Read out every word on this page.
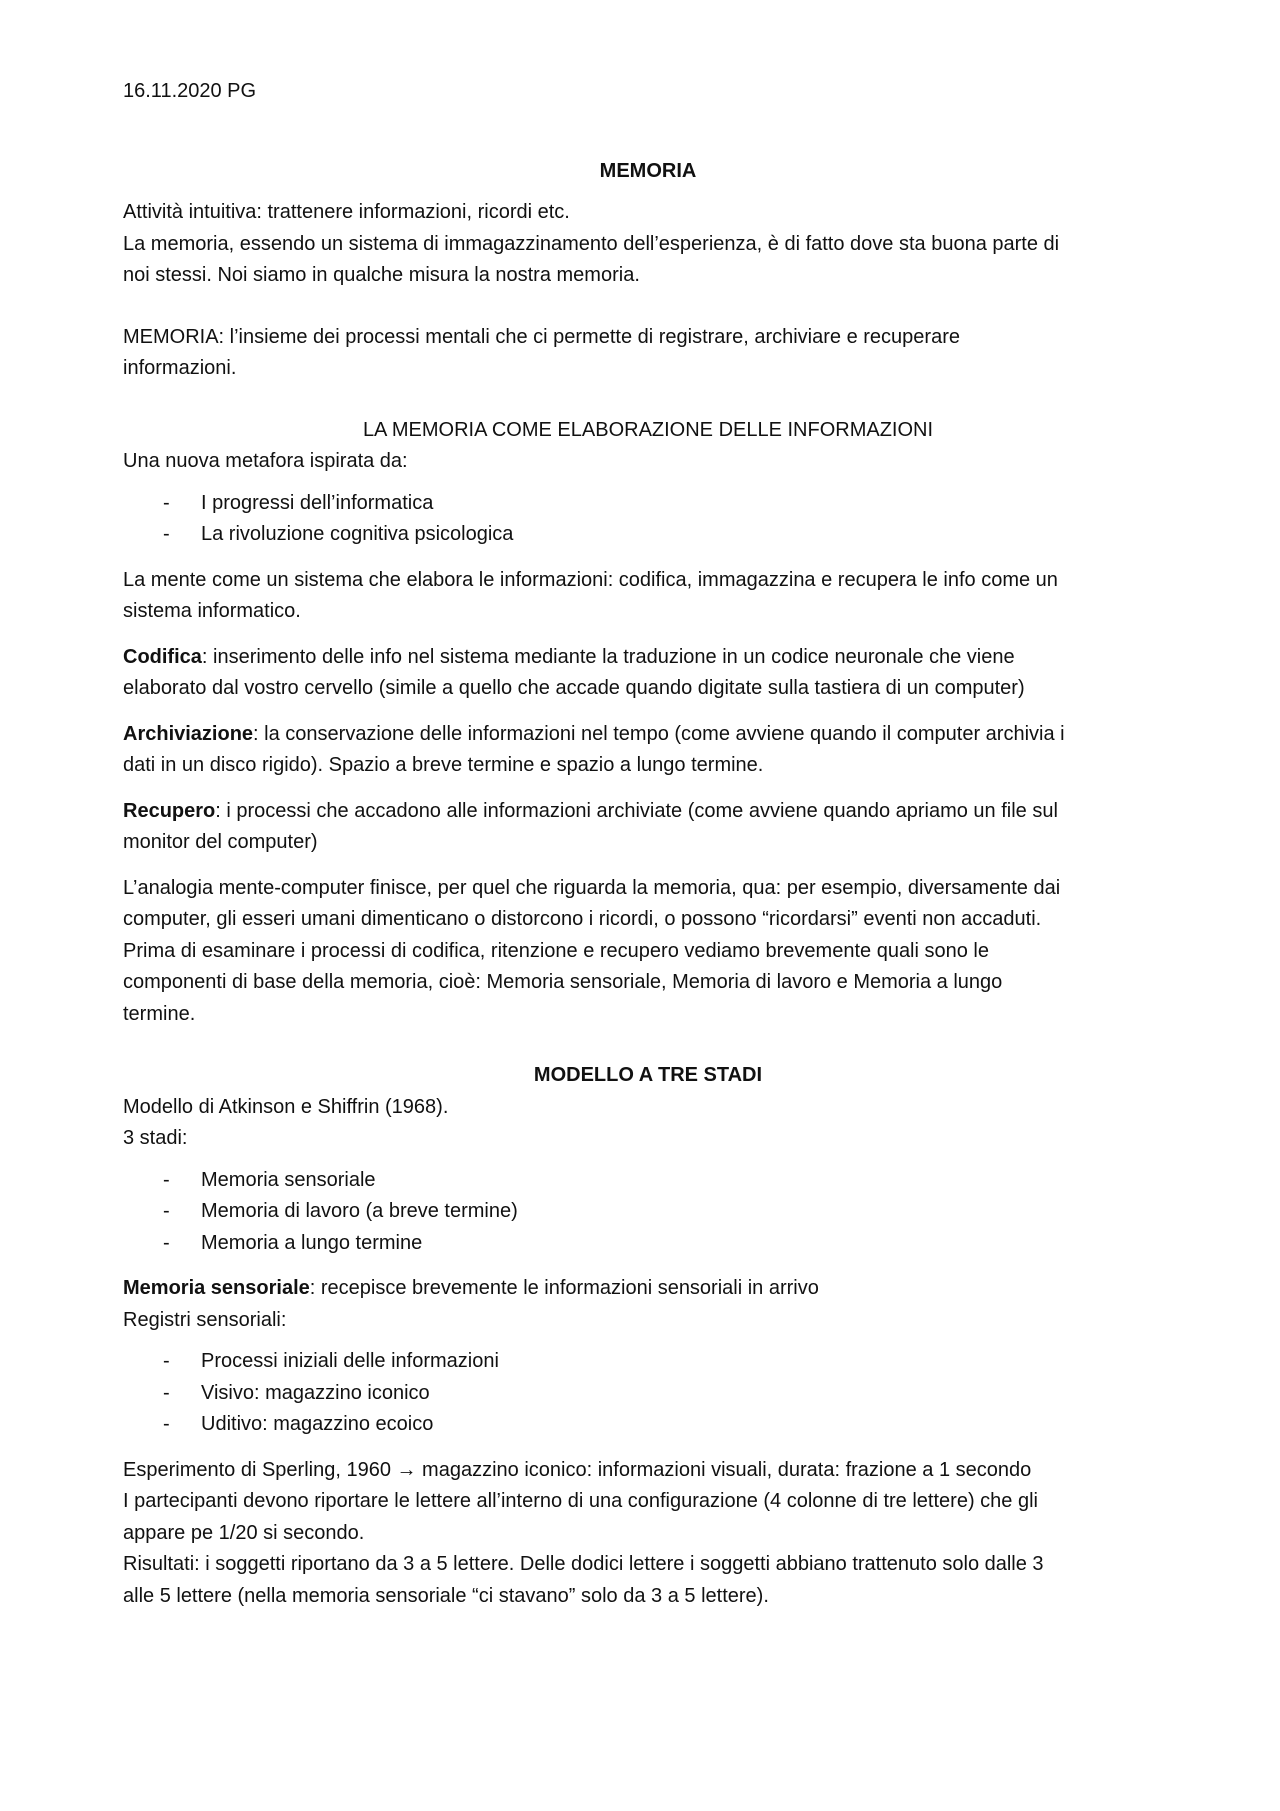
16.11.2020 PG
MEMORIA
Attività intuitiva: trattenere informazioni, ricordi etc.
La memoria, essendo un sistema di immagazzinamento dell’esperienza, è di fatto dove sta buona parte di
noi stessi. Noi siamo in qualche misura la nostra memoria.
MEMORIA: l’insieme dei processi mentali che ci permette di registrare, archiviare e recuperare
informazioni.
LA MEMORIA COME ELABORAZIONE DELLE INFORMAZIONI
Una nuova metafora ispirata da:
- I progressi dell’informatica
- La rivoluzione cognitiva psicologica
La mente come un sistema che elabora le informazioni: codifica, immagazzina e recupera le info come un
sistema informatico.
Codifica: inserimento delle info nel sistema mediante la traduzione in un codice neuronale che viene
elaborato dal vostro cervello (simile a quello che accade quando digitate sulla tastiera di un computer)
Archiviazione: la conservazione delle informazioni nel tempo (come avviene quando il computer archivia i
dati in un disco rigido). Spazio a breve termine e spazio a lungo termine.
Recupero: i processi che accadono alle informazioni archiviate (come avviene quando apriamo un file sul
monitor del computer)
L’analogia mente-computer finisce, per quel che riguarda la memoria, qua: per esempio, diversamente dai
computer, gli esseri umani dimenticano o distorcono i ricordi, o possono “ricordarsi” eventi non accaduti.
Prima di esaminare i processi di codifica, ritenzione e recupero vediamo brevemente quali sono le
componenti di base della memoria, cioè: Memoria sensoriale, Memoria di lavoro e Memoria a lungo
termine.
MODELLO A TRE STADI
Modello di Atkinson e Shiffrin (1968).
3 stadi:
- Memoria sensoriale
- Memoria di lavoro (a breve termine)
- Memoria a lungo termine
Memoria sensoriale: recepisce brevemente le informazioni sensoriali in arrivo
Registri sensoriali:
- Processi iniziali delle informazioni
- Visivo: magazzino iconico
- Uditivo: magazzino ecoico
Esperimento di Sperling, 1960 → magazzino iconico: informazioni visuali, durata: frazione a 1 secondo
I partecipanti devono riportare le lettere all’interno di una configurazione (4 colonne di tre lettere) che gli
appare pe 1/20 si secondo.
Risultati: i soggetti riportano da 3 a 5 lettere. Delle dodici lettere i soggetti abbiano trattenuto solo dalle 3
alle 5 lettere (nella memoria sensoriale “ci stavano” solo da 3 a 5 lettere).
